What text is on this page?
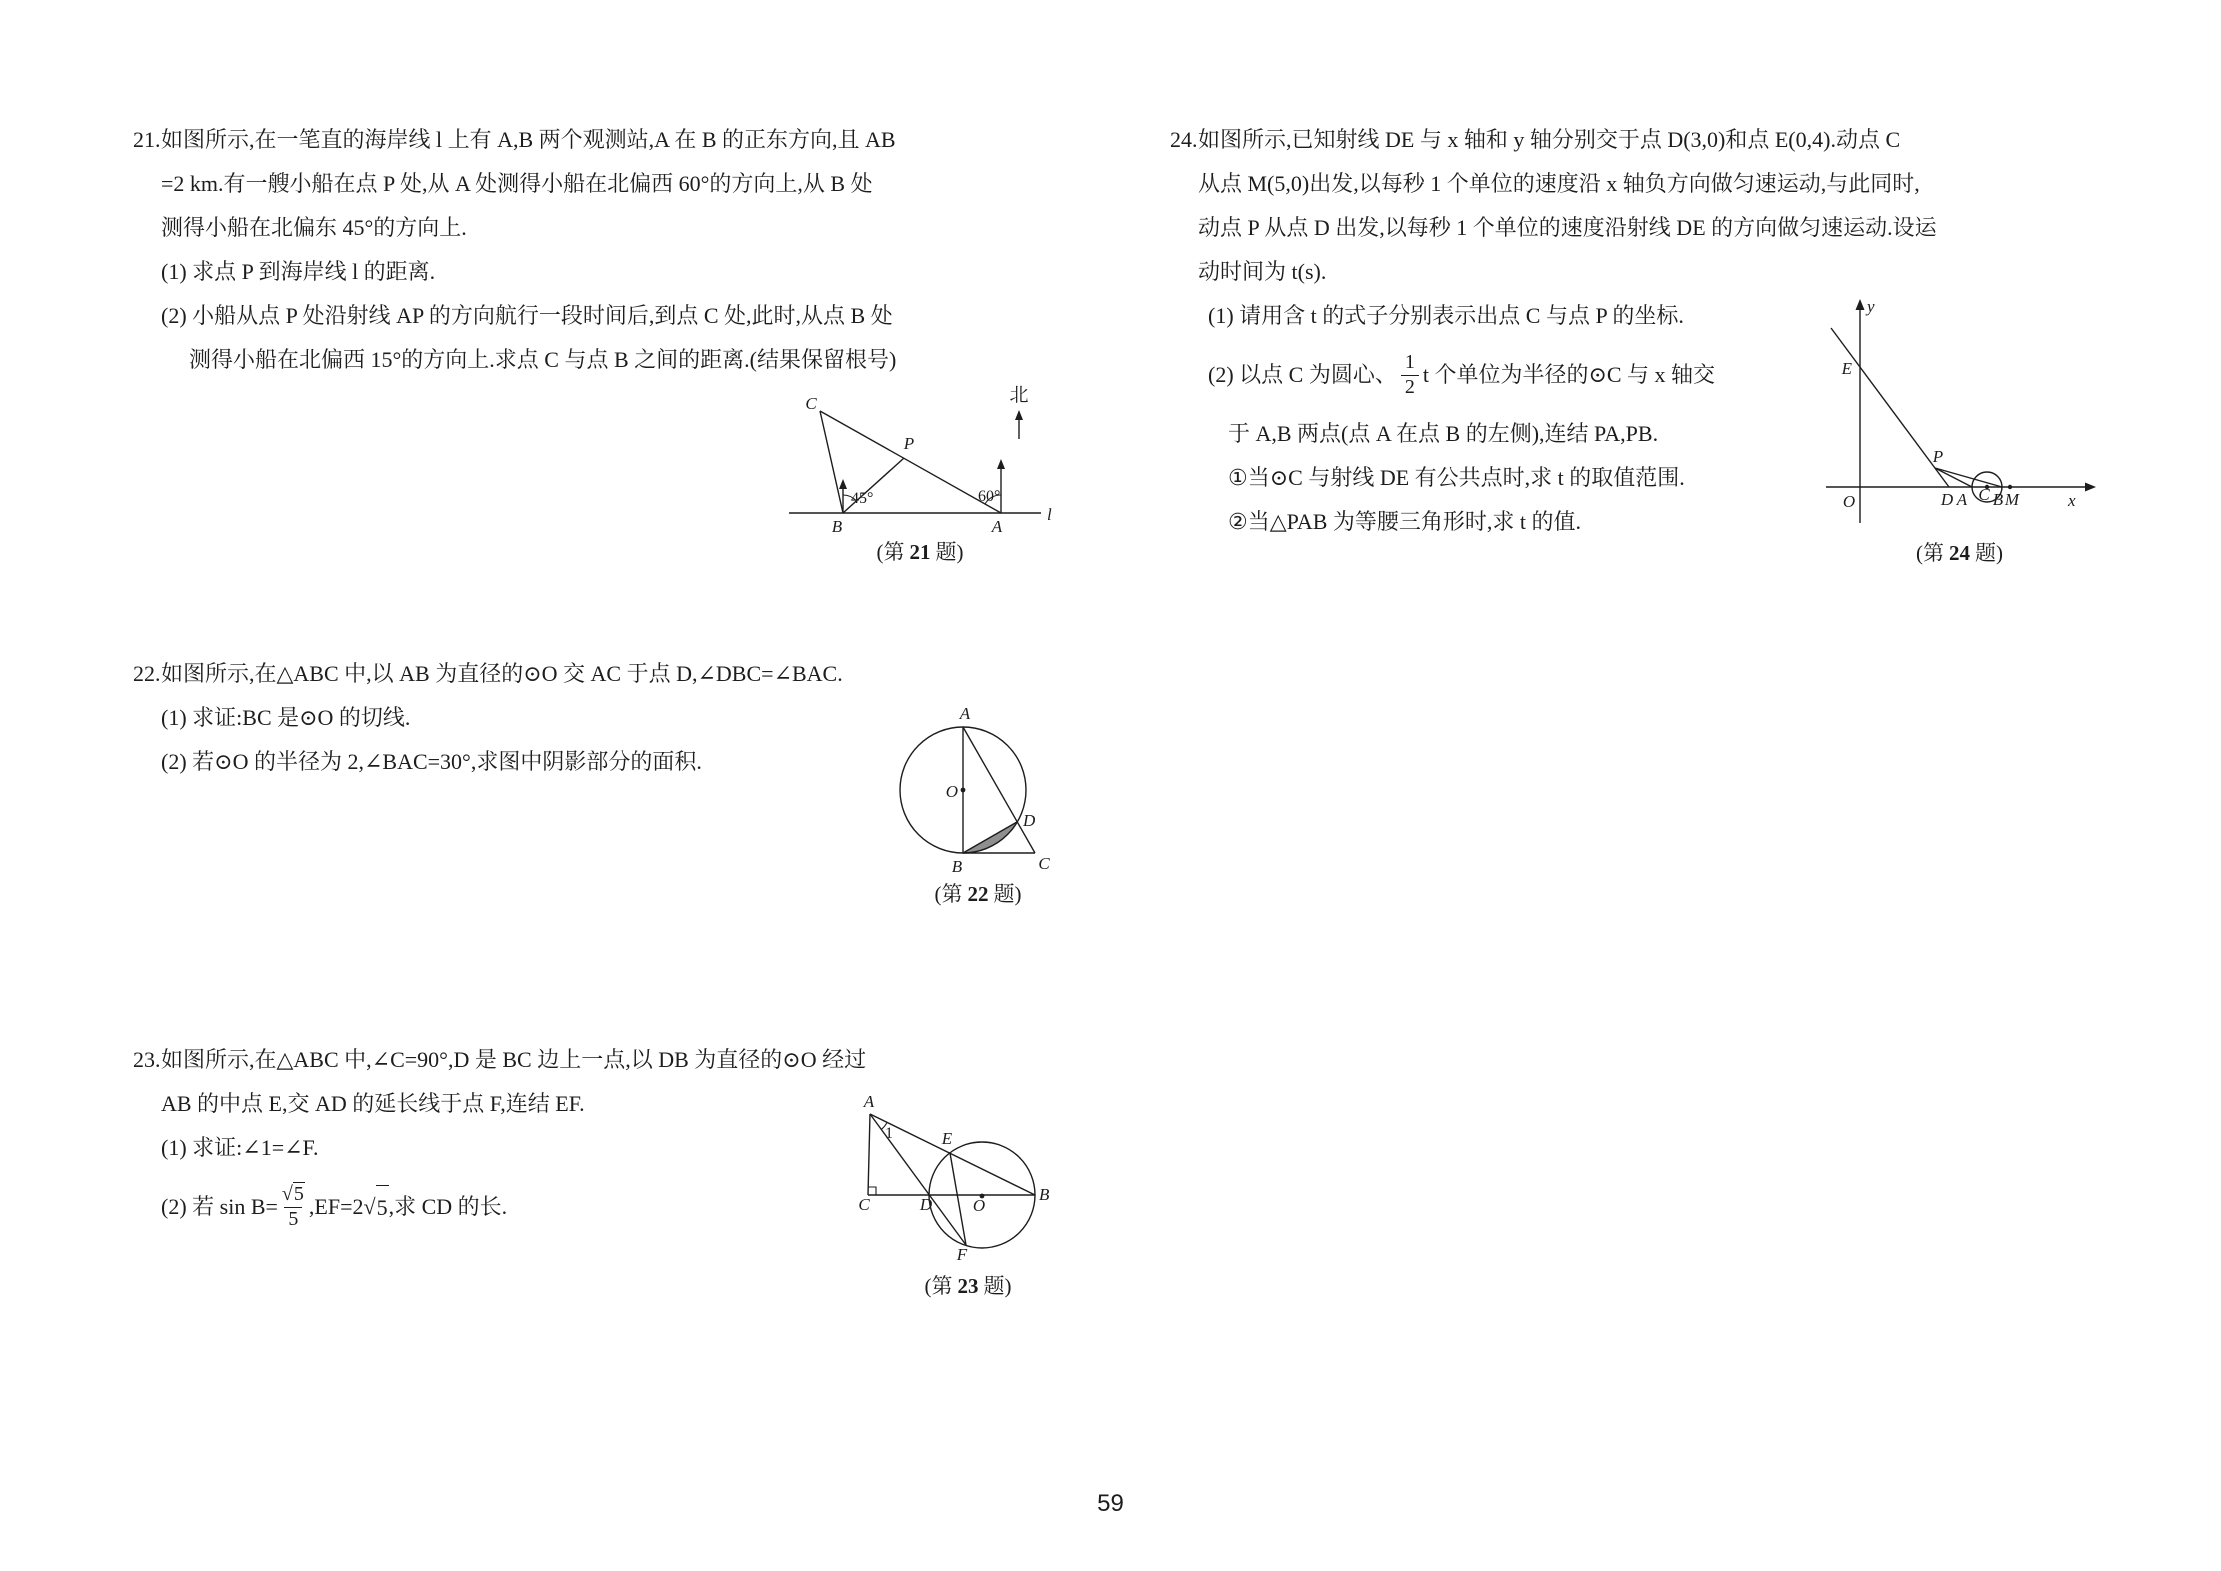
21.如图所示,在一笔直的海岸线 l 上有 A,B 两个观测站,A 在 B 的正东方向,且 AB
=2 km.有一艘小船在点 P 处,从 A 处测得小船在北偏西 60°的方向上,从 B 处
测得小船在北偏东 45°的方向上.
(1) 求点 P 到海岸线 l 的距离.
(2) 小船从点 P 处沿射线 AP 的方向航行一段时间后,到点 C 处,此时,从点 B 处
测得小船在北偏西 15°的方向上.求点 C 与点 B 之间的距离.(结果保留根号)
北
C
P
B	A
l
45°	60°
(第 21 题)
22.如图所示,在△ABC 中,以 AB 为直径的⊙O 交 AC 于点 D,∠DBC=∠BAC.
(1) 求证:BC 是⊙O 的切线.
(2) 若⊙O 的半径为 2,∠BAC=30°,求图中阴影部分的面积.
O
A
B	C
D
(第 22 题)
23.如图所示,在△ABC 中,∠C=90°,D 是 BC 边上一点,以 DB 为直径的⊙O 经过
AB 的中点 E,交 AD 的延长线于点 F,连结 EF.
(1) 求证:∠1=∠F.
(2) 若 $\sin B= \frac{√5}{5} ,EF=2$ √ 5 ,求 CD 的长.
A
1
C	D
B
E
F
O
(第 23 题)
24.如图所示,已知射线 DE 与 x 轴和 y 轴分别交于点 D(3,0)和点 E(0,4).动点 C
从点 M(5,0)出发,以每秒 1 个单位的速度沿 x 轴负方向做匀速运动,与此同时,
动点 P 从点 D 出发,以每秒 1 个单位的速度沿射线 DE 的方向做匀速运动.设运
动时间为 t(s).
(1) 请用含 t 的式子分别表示出点 C 与点 P 的坐标.
(2) 以点 C 为圆心、 $\frac{1}{2}$ t 个单位为半径的⊙C 与 x 轴交
于 A,B 两点(点 A 在点 B 的左侧),连结 PA,PB.
①当⊙C 与射线 DE 有公共点时,求 t 的取值范围.
②当△PAB 为等腰三角形时,求 t 的值.
y
x
O
E
P
D A C B M
(第 24 题)
59
